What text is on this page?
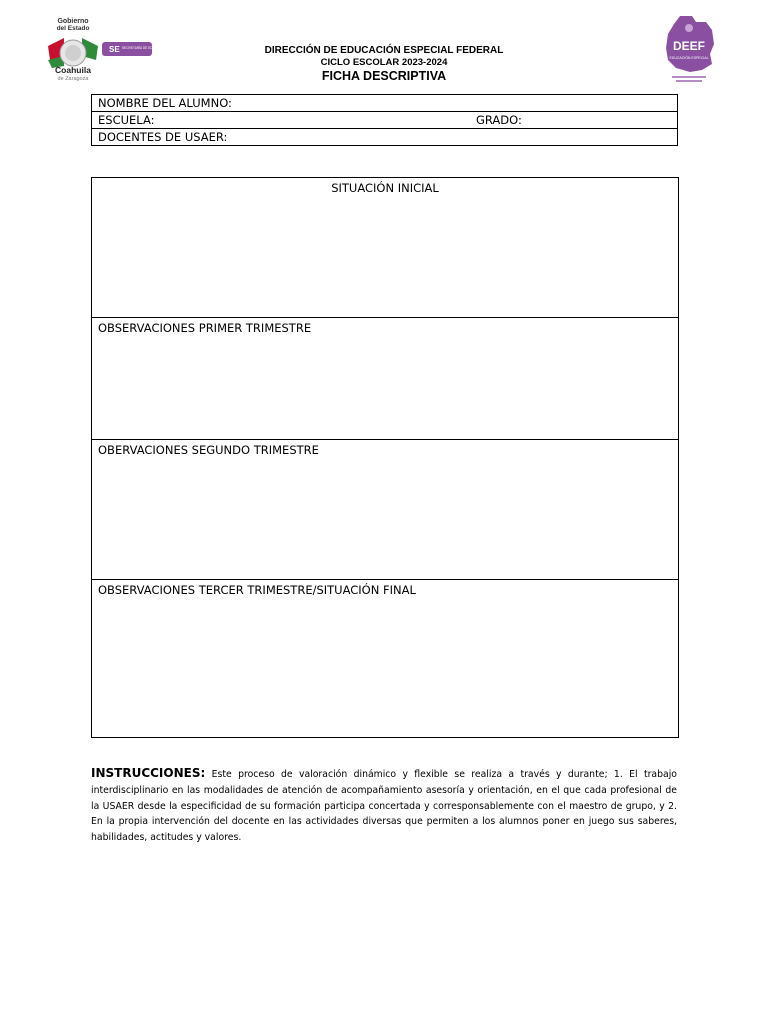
Gobierno
del Estado
Coahuila
de Zaragoza
SE SECRETARÍA DE EDUCACIÓN	DIRECCIÓN DE EDUCACIÓN ESPECIAL FEDERAL
CICLO ESCOLAR 2023-2024
FICHA DESCRIPTIVA
DEEF
EDUCACIÓN ESPECIAL
NOMBRE DEL ALUMNO:
ESCUELA:	GRADO:

DOCENTES DE USAER:
SITUACIÓN INICIAL
OBSERVACIONES PRIMER TRIMESTRE
OBERVACIONES SEGUNDO TRIMESTRE
OBSERVACIONES TERCER TRIMESTRE/SITUACIÓN FINAL
INSTRUCCIONES: Este proceso de valoración dinámico y flexible se realiza a través y durante; 1. El trabajo interdisciplinario en las modalidades de atención de acompañamiento asesoría y orientación, en el que cada profesional de la USAER desde la especificidad de su formación participa concertada y corresponsablemente con el maestro de grupo, y 2. En la propia intervención del docente en las actividades diversas que permiten a los alumnos poner en juego sus saberes, habilidades, actitudes y valores.
